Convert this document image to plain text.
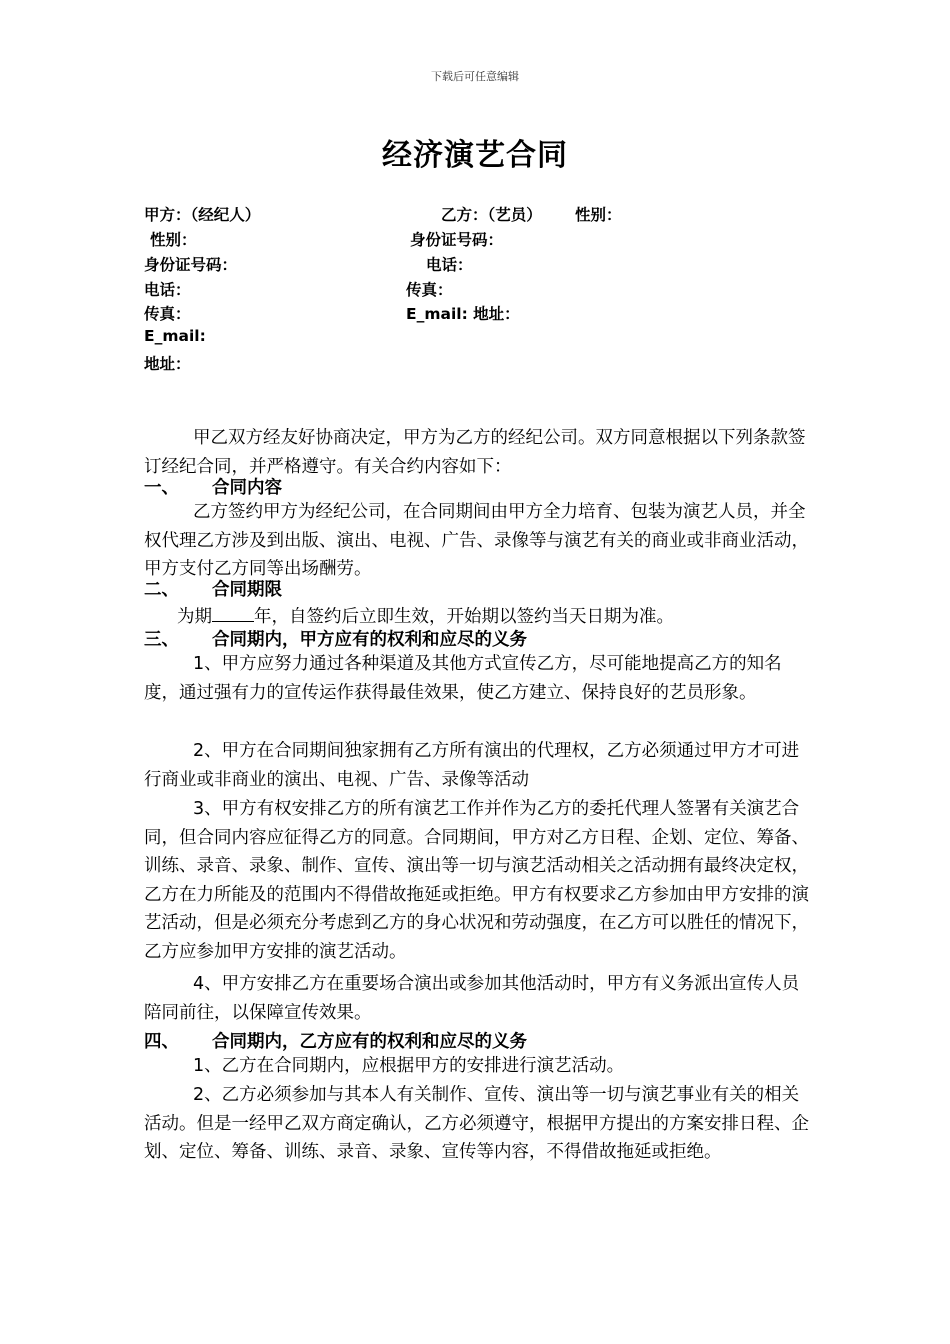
下载后可任意编辑
经济演艺合同
甲方：（经纪人）	乙方：（艺员） 性别：
性别：	身份证号码：
身份证号码：	电话：
电话：	传真：
传真：	E_mail: 地址：
E_mail:
地址：

甲乙双方经友好协商决定，甲方为乙方的经纪公司。双方同意根据以下列条款签订经纪合同，并严格遵守。有关合约内容如下：

一、 合同内容

乙方签约甲方为经纪公司，在合同期间由甲方全力培育、包装为演艺人员，并全权代理乙方涉及到出版、演出、电视、广告、录像等与演艺有关的商业或非商业活动，甲方支付乙方同等出场酬劳。

二、 合同期限
为期 年，自签约后立即生效，开始期以签约当天日期为准。
三、 合同期内，甲方应有的权利和应尽的义务

1、甲方应努力通过各种渠道及其他方式宣传乙方，尽可能地提高乙方的知名度，通过强有力的宣传运作获得最佳效果，使乙方建立、保持良好的艺员形象。

2、甲方在合同期间独家拥有乙方所有演出的代理权，乙方必须通过甲方才可进行商业或非商业的演出、电视、广告、录像等活动

3、甲方有权安排乙方的所有演艺工作并作为乙方的委托代理人签署有关演艺合同，但合同内容应征得乙方的同意。合同期间，甲方对乙方日程、企划、定位、筹备、训练、录音、录象、制作、宣传、演出等一切与演艺活动相关之活动拥有最终决定权，乙方在力所能及的范围内不得借故拖延或拒绝。甲方有权要求乙方参加由甲方安排的演艺活动，但是必须充分考虑到乙方的身心状况和劳动强度，在乙方可以胜任的情况下，乙方应参加甲方安排的演艺活动。

4、甲方安排乙方在重要场合演出或参加其他活动时，甲方有义务派出宣传人员陪同前往，以保障宣传效果。

四、 合同期内，乙方应有的权利和应尽的义务

1、乙方在合同期内，应根据甲方的安排进行演艺活动。

2、乙方必须参加与其本人有关制作、宣传、演出等一切与演艺事业有关的相关活动。但是一经甲乙双方商定确认，乙方必须遵守，根据甲方提出的方案安排日程、企划、定位、筹备、训练、录音、录象、宣传等内容，不得借故拖延或拒绝。
